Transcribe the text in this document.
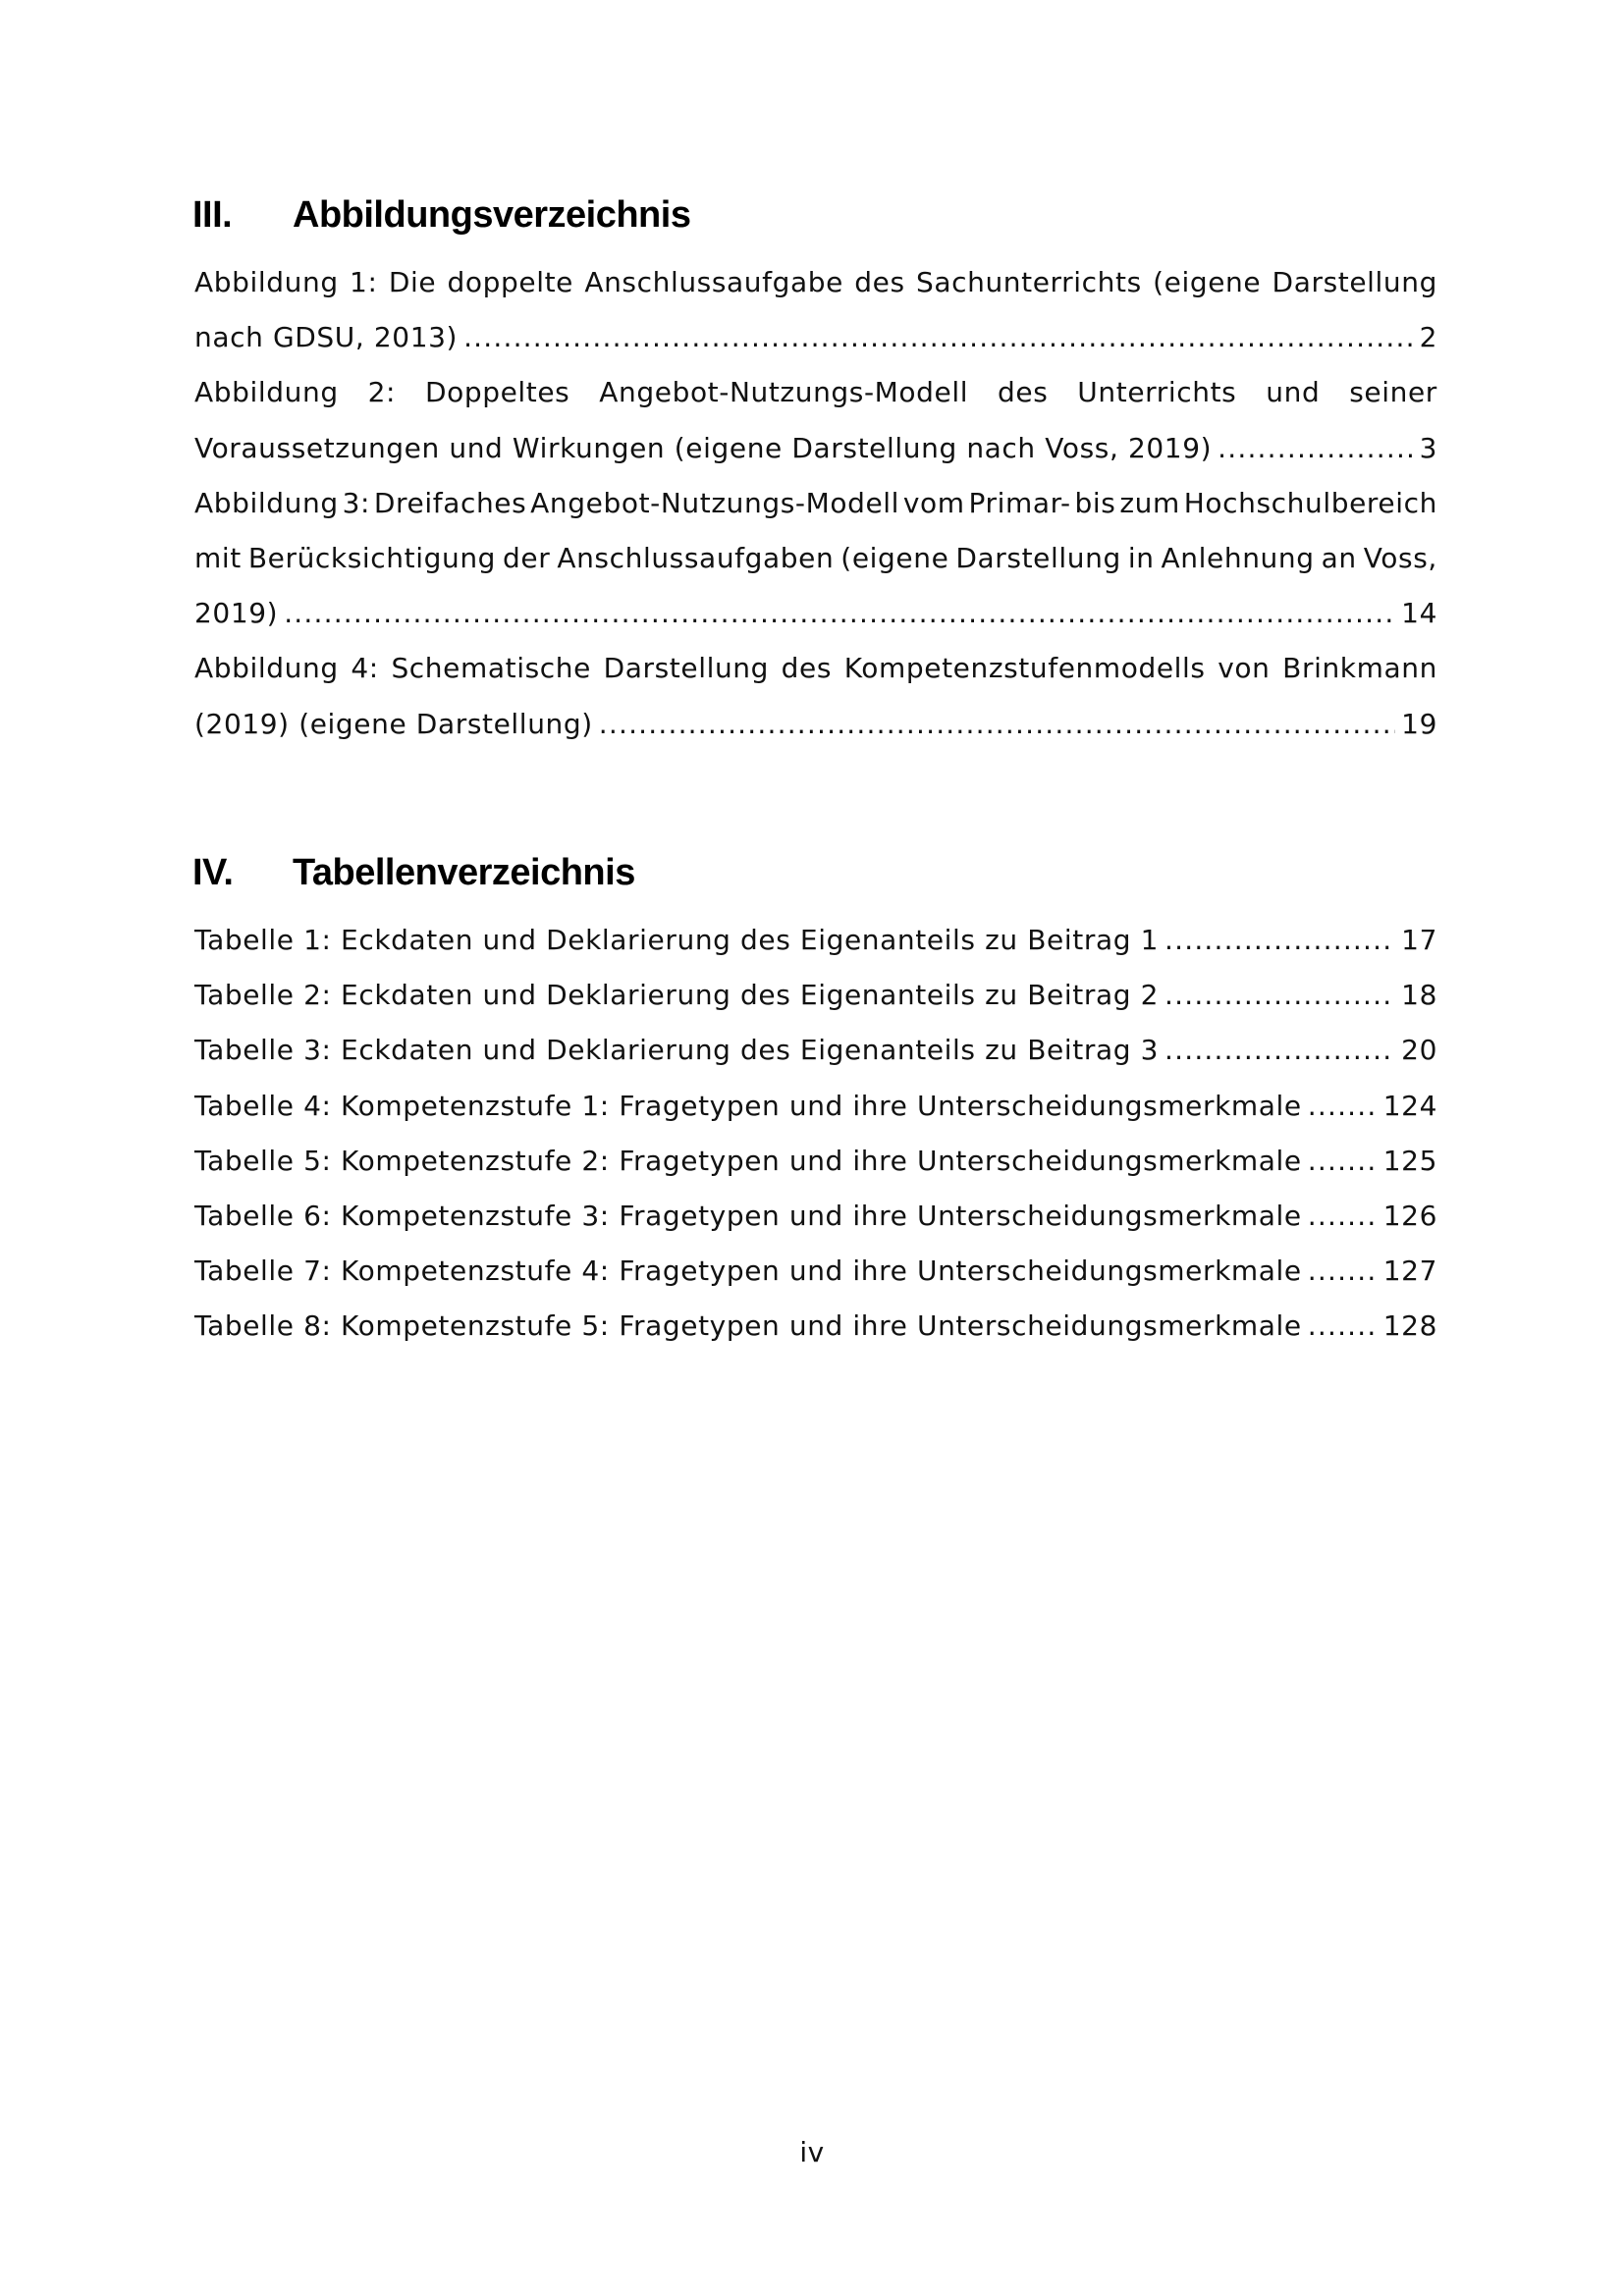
III. Abbildungsverzeichnis
Abbildung 1: Die doppelte Anschlussaufgabe des Sachunterrichts (eigene Darstellung
nach GDSU, 2013) .....	2
Abbildung 2: Doppeltes Angebot-Nutzungs-Modell des Unterrichts und seiner
Voraussetzungen und Wirkungen (eigene Darstellung nach Voss, 2019) .....	3
Abbildung 3: Dreifaches Angebot-Nutzungs-Modell vom Primar- bis zum Hochschulbereich
mit Berücksichtigung der Anschlussaufgaben (eigene Darstellung in Anlehnung an Voss,
2019) .....	14
Abbildung 4: Schematische Darstellung des Kompetenzstufenmodells von Brinkmann
(2019) (eigene Darstellung) .....	19
IV. Tabellenverzeichnis
Tabelle 1: Eckdaten und Deklarierung des Eigenanteils zu Beitrag 1 .....	17
Tabelle 2: Eckdaten und Deklarierung des Eigenanteils zu Beitrag 2 .....	18
Tabelle 3: Eckdaten und Deklarierung des Eigenanteils zu Beitrag 3 .....	20
Tabelle 4: Kompetenzstufe 1: Fragetypen und ihre Unterscheidungsmerkmale .....	124
Tabelle 5: Kompetenzstufe 2: Fragetypen und ihre Unterscheidungsmerkmale .....	125
Tabelle 6: Kompetenzstufe 3: Fragetypen und ihre Unterscheidungsmerkmale .....	126
Tabelle 7: Kompetenzstufe 4: Fragetypen und ihre Unterscheidungsmerkmale .....	127
Tabelle 8: Kompetenzstufe 5: Fragetypen und ihre Unterscheidungsmerkmale .....	128
iv
